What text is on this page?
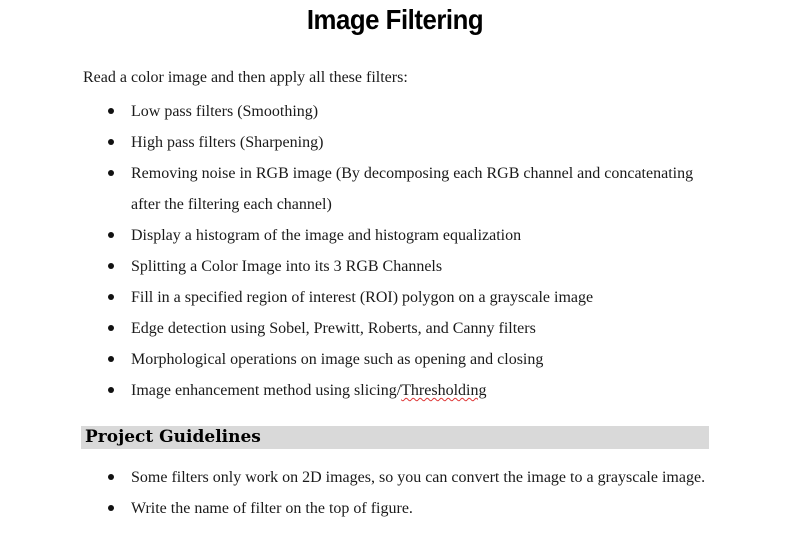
Image Filtering
Read a color image and then apply all these filters:
Low pass filters (Smoothing)
High pass filters (Sharpening)
Removing noise in RGB image (By decomposing each RGB channel and concatenating after the filtering each channel)
Display a histogram of the image and histogram equalization
Splitting a Color Image into its 3 RGB Channels
Fill in a specified region of interest (ROI) polygon on a grayscale image
Edge detection using Sobel, Prewitt, Roberts, and Canny filters
Morphological operations on image such as opening and closing
Image enhancement method using slicing/Thresholding
Project Guidelines
Some filters only work on 2D images, so you can convert the image to a grayscale image.
Write the name of filter on the top of figure.
